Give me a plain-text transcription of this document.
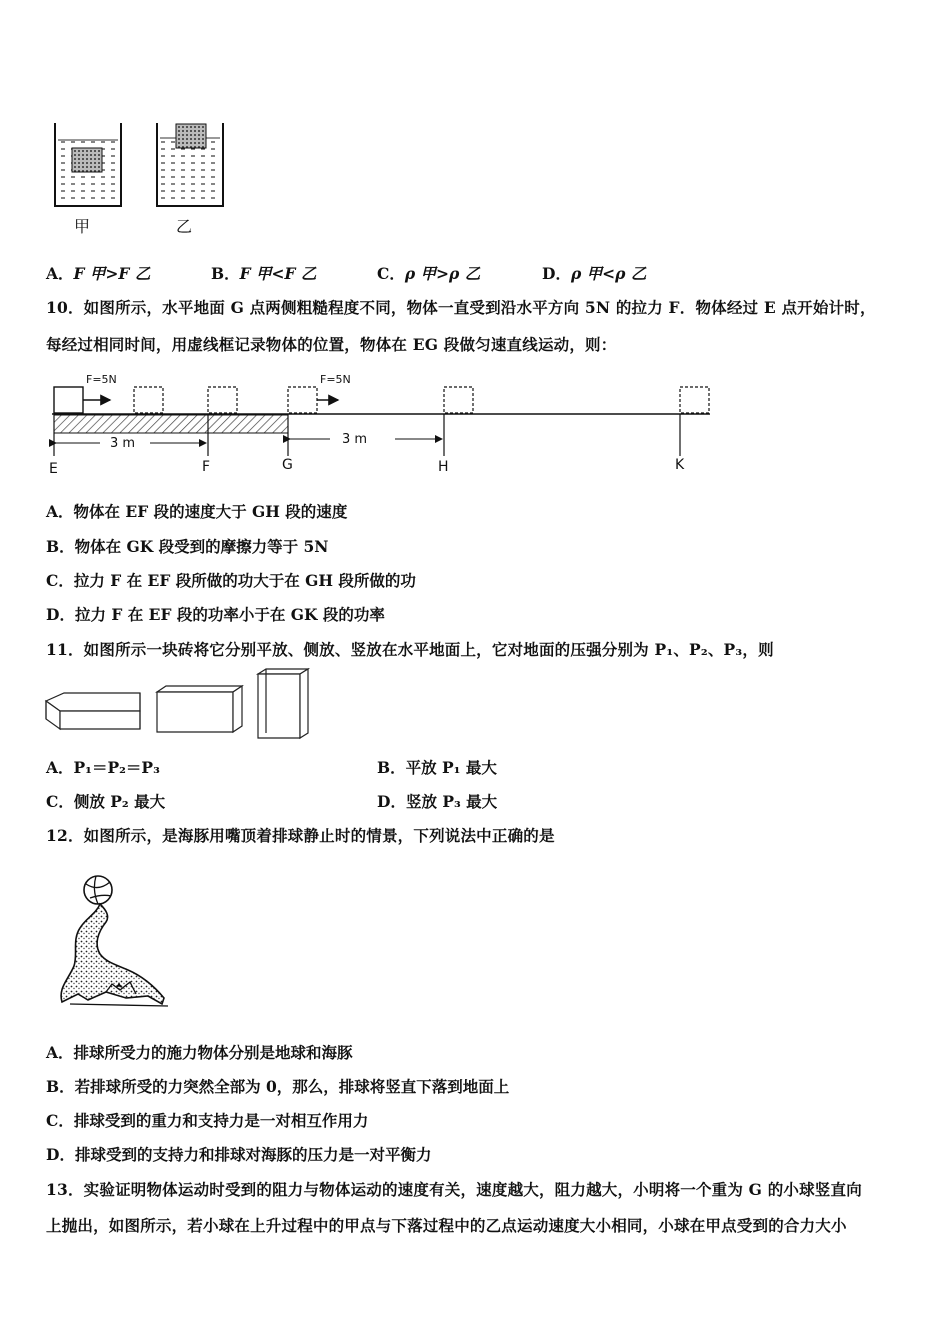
甲	乙
A．F 甲>F 乙	B．F 甲<F 乙	C．ρ 甲>ρ 乙	D．ρ 甲<ρ 乙
10．如图所示，水平地面 G 点两侧粗糙程度不同，物体一直受到沿水平方向 5N 的拉力 F．物体经过 E 点开始计时，
每经过相同时间，用虚线框记录物体的位置，物体在 EG 段做匀速直线运动，则：
F=5N	F=5N
3 m	3 m
E	F	G	H	K
A．物体在 EF 段的速度大于 GH 段的速度
B．物体在 GK 段受到的摩擦力等于 5N
C．拉力 F 在 EF 段所做的功大于在 GH 段所做的功
D．拉力 F 在 EF 段的功率小于在 GK 段的功率
11．如图所示一块砖将它分别平放、侧放、竖放在水平地面上，它对地面的压强分别为 P₁、P₂、P₃，则
A．P₁＝P₂＝P₃	B．平放 P₁ 最大
C．侧放 P₂ 最大	D．竖放 P₃ 最大
12．如图所示，是海豚用嘴顶着排球静止时的情景，下列说法中正确的是
A．排球所受力的施力物体分别是地球和海豚
B．若排球所受的力突然全部为 0，那么，排球将竖直下落到地面上
C．排球受到的重力和支持力是一对相互作用力
D．排球受到的支持力和排球对海豚的压力是一对平衡力
13．实验证明物体运动时受到的阻力与物体运动的速度有关，速度越大，阻力越大，小明将一个重为 G 的小球竖直向
上抛出，如图所示，若小球在上升过程中的甲点与下落过程中的乙点运动速度大小相同，小球在甲点受到的合力大小
